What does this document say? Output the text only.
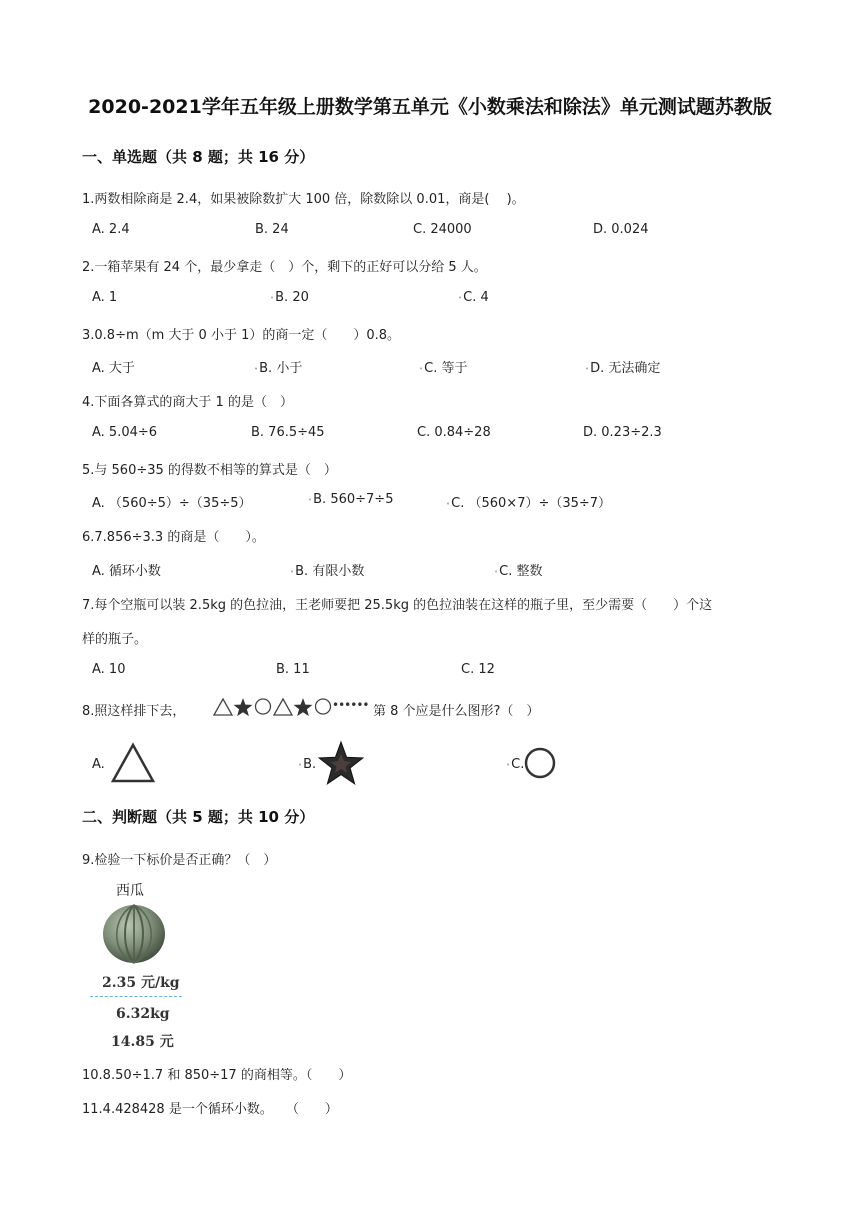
2020-2021学年五年级上册数学第五单元《小数乘法和除法》单元测试题苏教版
一、单选题（共 8 题；共 16 分）
1.两数相除商是 2.4，如果被除数扩大 100 倍，除数除以 0.01，商是(　 )。
A. 2.4	B. 24	C. 24000	D. 0.024
2.一箱苹果有 24 个，最少拿走（　）个，剩下的正好可以分给 5 人。
A. 1	•B. 20	•C. 4
3.0.8÷m（m 大于 0 小于 1）的商一定（　　）0.8。
A. 大于	•B. 小于	•C. 等于	•D. 无法确定
4.下面各算式的商大于 1 的是（　）
A. 5.04÷6	B. 76.5÷45	C. 0.84÷28	D. 0.23÷2.3
5.与 560÷35 的得数不相等的算式是（　）
A. （560÷5）÷（35÷5）	•B. 560÷7÷5	•C. （560×7）÷（35÷7）
6.7.856÷3.3 的商是（　　）。
A. 循环小数	•B. 有限小数	•C. 整数
7.每个空瓶可以装 2.5kg 的色拉油，王老师要把 25.5kg 的色拉油装在这样的瓶子里，至少需要（　　）个这
样的瓶子。
A. 10	B. 11	C. 12
8.照这样排下去，	•••••• 第 8 个应是什么图形?（　）
A.	•B.	•C.
二、判断题（共 5 题；共 10 分）
9.检验一下标价是否正确？（　）
西瓜
2.35 元/kg
6.32kg
14.85 元
10.8.50÷1.7 和 850÷17 的商相等。（　　）
11.4.428428 是一个循环小数。　　（　　）
